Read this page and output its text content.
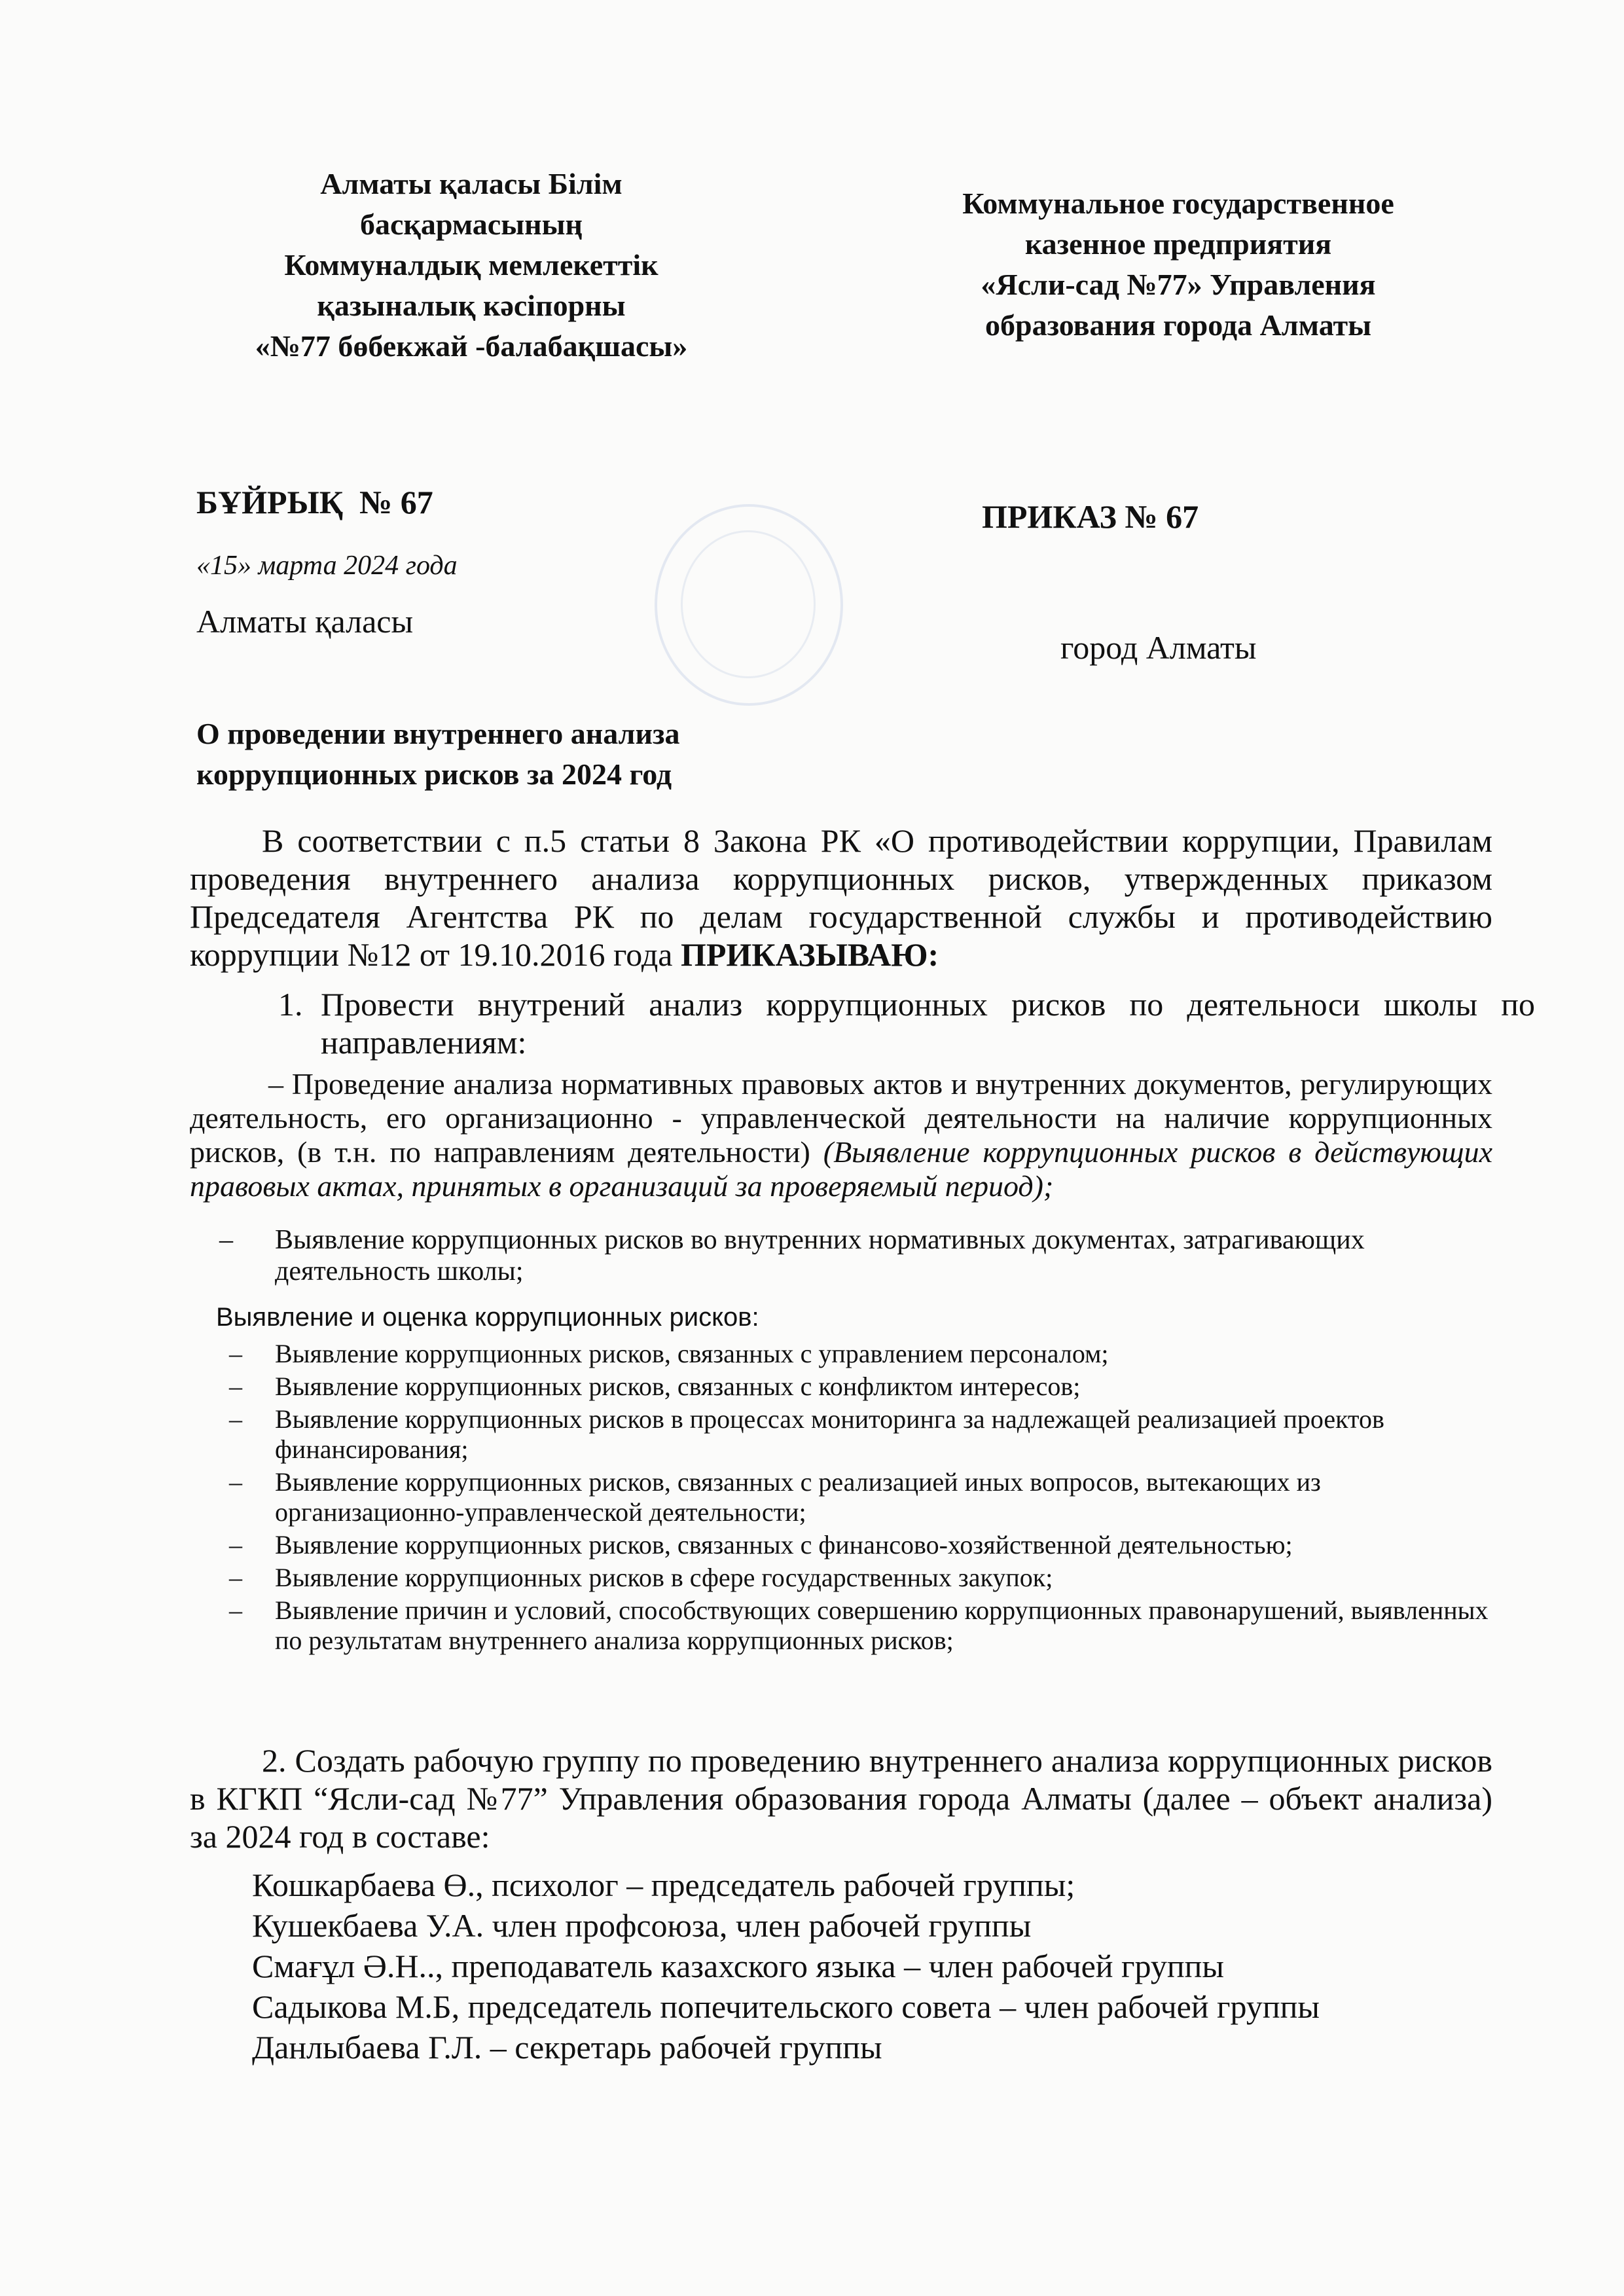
Алматы қаласы Білім
басқармасының
Коммуналдық мемлекеттік
қазыналық кәсіпорны
«№77 бөбекжай -балабақшасы»
Коммунальное государственное
казенное предприятия
«Ясли-сад №77» Управления
образования города Алматы
БҰЙРЫҚ  № 67	ПРИКАЗ № 67
«15» марта 2024 года
Алматы қаласы
город Алматы
О проведении внутреннего анализа
коррупционных рисков за 2024 год

В соответствии с п.5 статьи 8 Закона РК «О противодействии коррупции, Правилам проведения внутреннего анализа коррупционных рисков, утвержденных приказом Председателя Агентства РК по делам государственной службы и противодействию коррупции №12 от 19.10.2016 года ПРИКАЗЫВАЮ:

1. Провести внутрений анализ коррупционных рисков по деятельноси школы по направлениям:

– Проведение анализа нормативных правовых актов и внутренних документов, регулирующих деятельность, его организационно - управленческой деятельности на наличие коррупционных рисков, (в т.н. по направлениям деятельности) (Выявление коррупционных рисков в действующих правовых актах, принятых в организаций за проверяемый период);

– Выявление коррупционных рисков во внутренних нормативных документах, затрагивающих деятельность школы;
Выявление и оценка коррупционных рисков:
– Выявление коррупционных рисков, связанных с управлением персоналом;
– Выявление коррупционных рисков, связанных с конфликтом интересов;
– Выявление коррупционных рисков в процессах мониторинга за надлежащей реализацией проектов финансирования;
– Выявление коррупционных рисков, связанных с реализацией иных вопросов, вытекающих из организационно-управленческой деятельности;
– Выявление коррупционных рисков, связанных с финансово-хозяйственной деятельностью;
– Выявление коррупционных рисков в сфере государственных закупок;
– Выявление причин и условий, способствующих совершению коррупционных правонарушений, выявленных по результатам внутреннего анализа коррупционных рисков;

2. Создать рабочую группу по проведению внутреннего анализа коррупционных рисков в КГКП “Ясли-сад №77” Управления образования города Алматы (далее – объект анализа) за 2024 год в составе:

Кошкарбаева Ө., психолог – председатель рабочей группы;
Кушекбаева У.А. член профсоюза, член рабочей группы
Смағұл Ә.Н.., преподаватель казахского языка – член рабочей группы
Садыкова М.Б, председатель попечительского совета – член рабочей группы
Данлыбаева Г.Л. – секретарь рабочей группы
